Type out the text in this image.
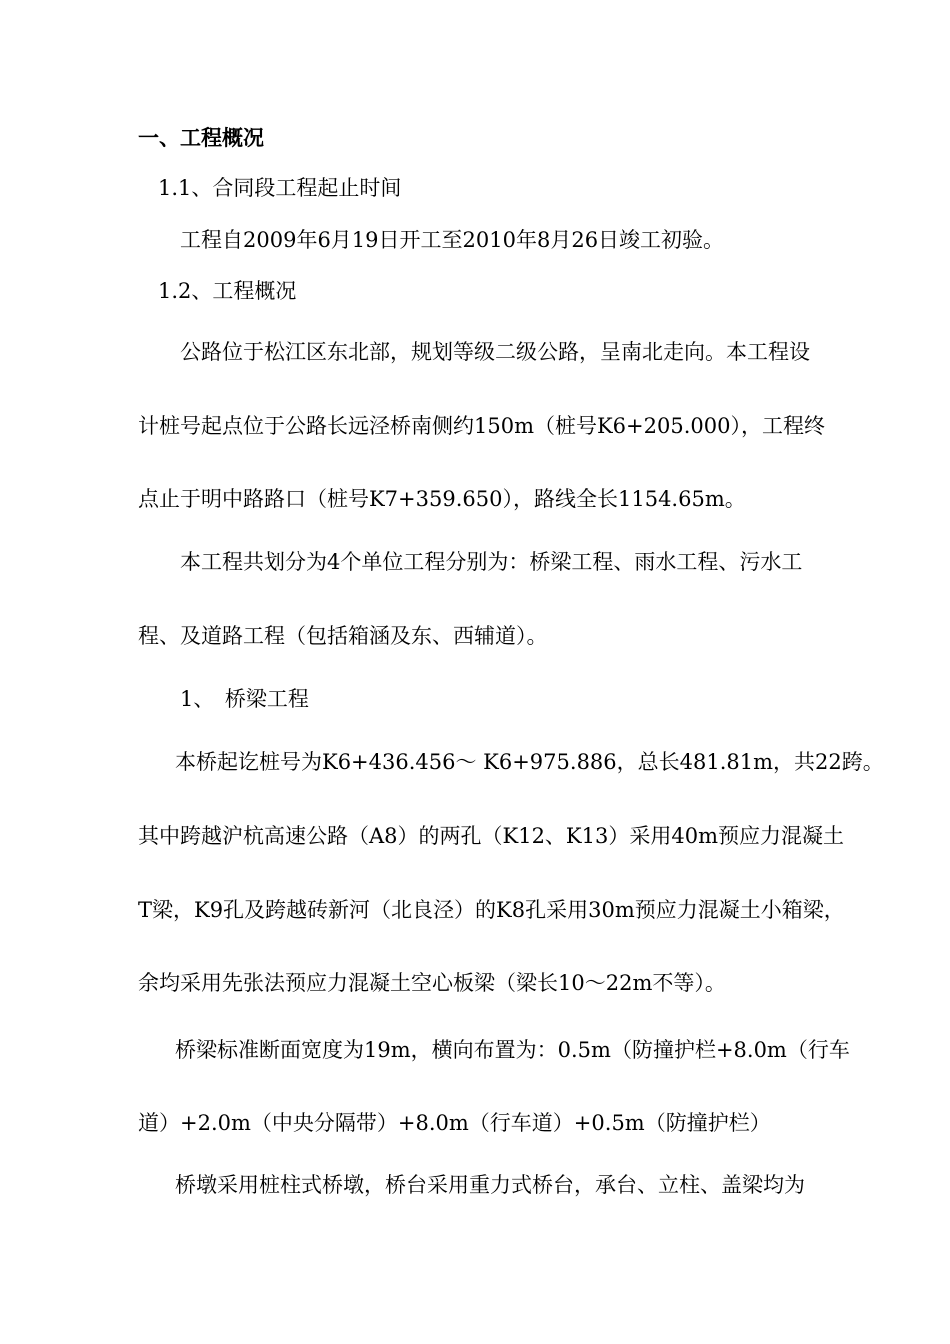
一、工程概况
1.1、合同段工程起止时间
工程自2009年6月19日开工至2010年8月26日竣工初验。
1.2、工程概况
公路位于松江区东北部，规划等级二级公路，呈南北走向。本工程设
计桩号起点位于公路长远泾桥南侧约150m（桩号K6+205.000），工程终
点止于明中路路口（桩号K7+359.650），路线全长1154.65m。
本工程共划分为4个单位工程分别为：桥梁工程、雨水工程、污水工
程、及道路工程（包括箱涵及东、西辅道）。
1、　桥梁工程
本桥起讫桩号为K6+436.456～ K6+975.886，总长481.81m，共22跨。
其中跨越沪杭高速公路（A8）的两孔（K12、K13）采用40m预应力混凝土
T梁，K9孔及跨越砖新河（北良泾）的K8孔采用30m预应力混凝土小箱梁，
余均采用先张法预应力混凝土空心板梁（梁长10～22m不等）。
桥梁标准断面宽度为19m，横向布置为：0.5m（防撞护栏+8.0m（行车
道）+2.0m（中央分隔带）+8.0m（行车道）+0.5m（防撞护栏）
桥墩采用桩柱式桥墩，桥台采用重力式桥台，承台、立柱、盖梁均为
